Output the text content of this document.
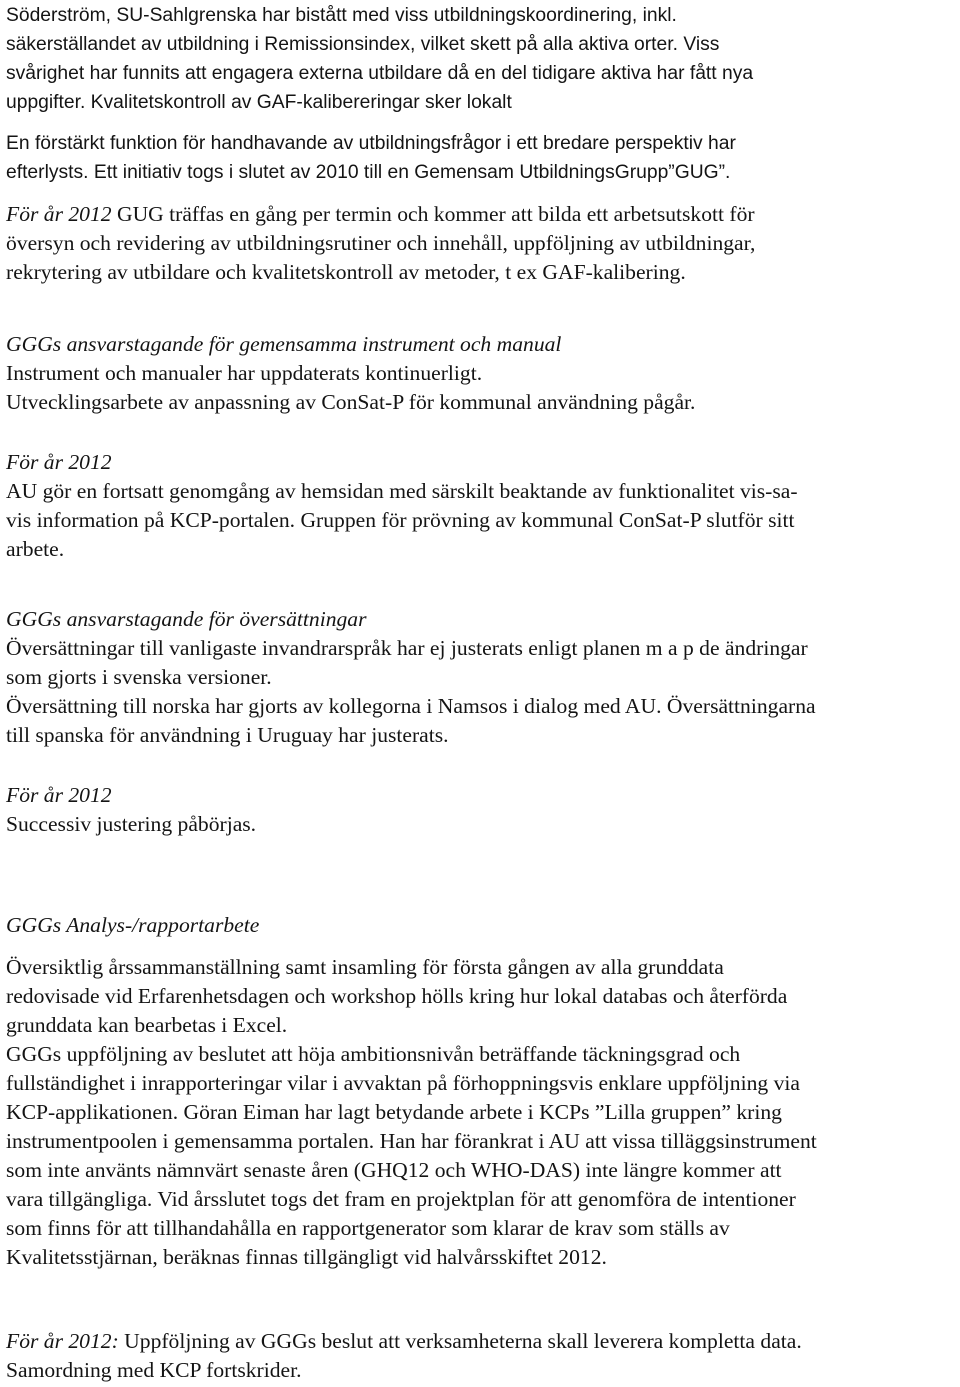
Söderström, SU-Sahlgrenska har bistått med viss utbildningskoordinering, inkl.
säkerställandet av utbildning i Remissionsindex, vilket skett på alla aktiva orter. Viss
svårighet har funnits att engagera externa utbildare då en del tidigare aktiva har fått nya
uppgifter. Kvalitetskontroll av GAF-kalibereringar sker lokalt
En förstärkt funktion för handhavande av utbildningsfrågor i ett bredare perspektiv har
efterlysts. Ett initiativ togs i slutet av 2010 till en Gemensam UtbildningsGrupp”GUG”.
För år 2012 GUG träffas en gång per termin och kommer att bilda ett arbetsutskott för
översyn och revidering av utbildningsrutiner och innehåll, uppföljning av utbildningar,
rekrytering av utbildare och kvalitetskontroll av metoder, t ex GAF-kalibering.
GGGs ansvarstagande för gemensamma instrument och manual
Instrument och manualer har uppdaterats kontinuerligt.
Utvecklingsarbete av anpassning av ConSat-P för kommunal användning pågår.
För år 2012
AU gör en fortsatt genomgång av hemsidan med särskilt beaktande av funktionalitet vis-sa-
vis information på KCP-portalen. Gruppen för prövning av kommunal ConSat-P slutför sitt
arbete.
GGGs ansvarstagande för översättningar
Översättningar till vanligaste invandrarspråk har ej justerats enligt planen m a p de ändringar
som gjorts i svenska versioner.
Översättning till norska har gjorts av kollegorna i Namsos i dialog med AU. Översättningarna
till spanska för användning i Uruguay har justerats.
För år 2012
Successiv justering påbörjas.
GGGs Analys-/rapportarbete
Översiktlig årssammanställning samt insamling för första gången av alla grunddata
redovisade vid Erfarenhetsdagen och workshop hölls kring hur lokal databas och återförda
grunddata kan bearbetas i Excel.
GGGs uppföljning av beslutet att höja ambitionsnivån beträffande täckningsgrad och
fullständighet i inrapporteringar vilar i avvaktan på förhoppningsvis enklare uppföljning via
KCP-applikationen. Göran Eiman har lagt betydande arbete i KCPs ”Lilla gruppen” kring
instrumentpoolen i gemensamma portalen. Han har förankrat i AU att vissa tilläggsinstrument
som inte använts nämnvärt senaste åren (GHQ12 och WHO-DAS) inte längre kommer att
vara tillgängliga. Vid årsslutet togs det fram en projektplan för att genomföra de intentioner
som finns för att tillhandahålla en rapportgenerator som klarar de krav som ställs av
Kvalitetsstjärnan, beräknas finnas tillgängligt vid halvårsskiftet 2012.
För år 2012: Uppföljning av GGGs beslut att verksamheterna skall leverera kompletta data.
Samordning med KCP fortskrider.
